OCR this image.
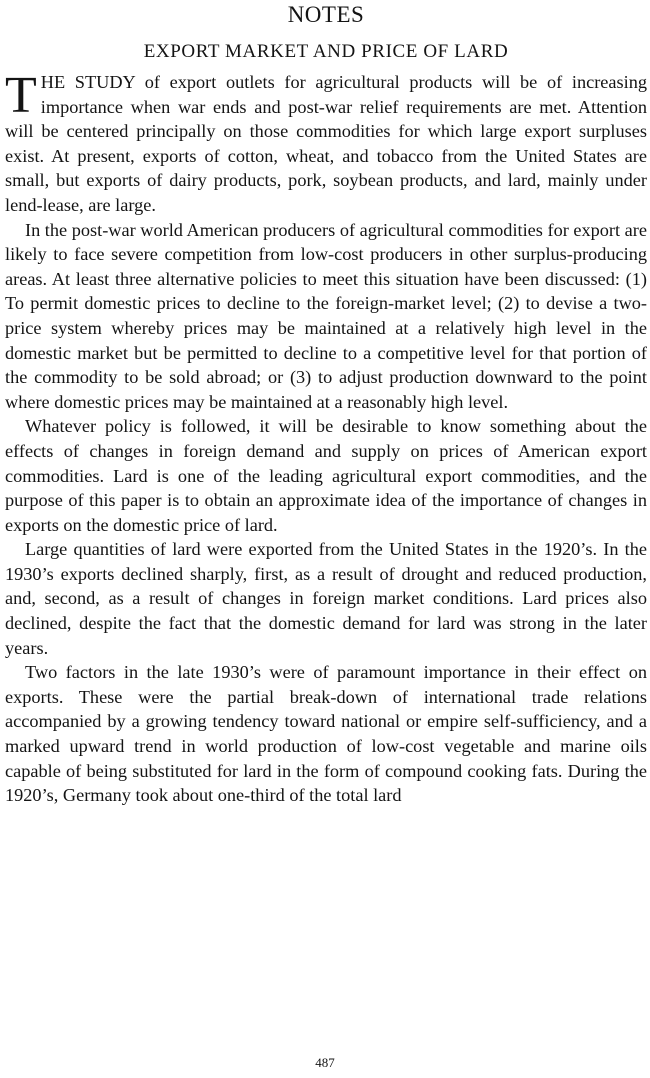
NOTES
EXPORT MARKET AND PRICE OF LARD

THE STUDY of export outlets for agricultural products will be of increasing importance when war ends and post-war relief requirements are met. Attention will be centered principally on those commodities for which large export surpluses exist. At present, exports of cotton, wheat, and tobacco from the United States are small, but exports of dairy products, pork, soybean products, and lard, mainly under lend-lease, are large.

In the post-war world American producers of agricultural commodities for export are likely to face severe competition from low-cost producers in other surplus-producing areas. At least three alternative policies to meet this situation have been discussed: (1) To permit domestic prices to decline to the foreign-market level; (2) to devise a two-price system whereby prices may be maintained at a relatively high level in the domestic market but be permitted to decline to a competitive level for that portion of the commodity to be sold abroad; or (3) to adjust production downward to the point where domestic prices may be maintained at a reasonably high level.

Whatever policy is followed, it will be desirable to know something about the effects of changes in foreign demand and supply on prices of American export commodities. Lard is one of the leading agricultural export commodities, and the purpose of this paper is to obtain an approximate idea of the importance of changes in exports on the domestic price of lard.

Large quantities of lard were exported from the United States in the 1920’s. In the 1930’s exports declined sharply, first, as a result of drought and reduced production, and, second, as a result of changes in foreign market conditions. Lard prices also declined, despite the fact that the domestic demand for lard was strong in the later years.

Two factors in the late 1930’s were of paramount importance in their effect on exports. These were the partial break-down of international trade relations accompanied by a growing tendency toward national or empire self-sufficiency, and a marked upward trend in world production of low-cost vegetable and marine oils capable of being substituted for lard in the form of compound cooking fats. During the 1920’s, Germany took about one-third of the total lard

487
